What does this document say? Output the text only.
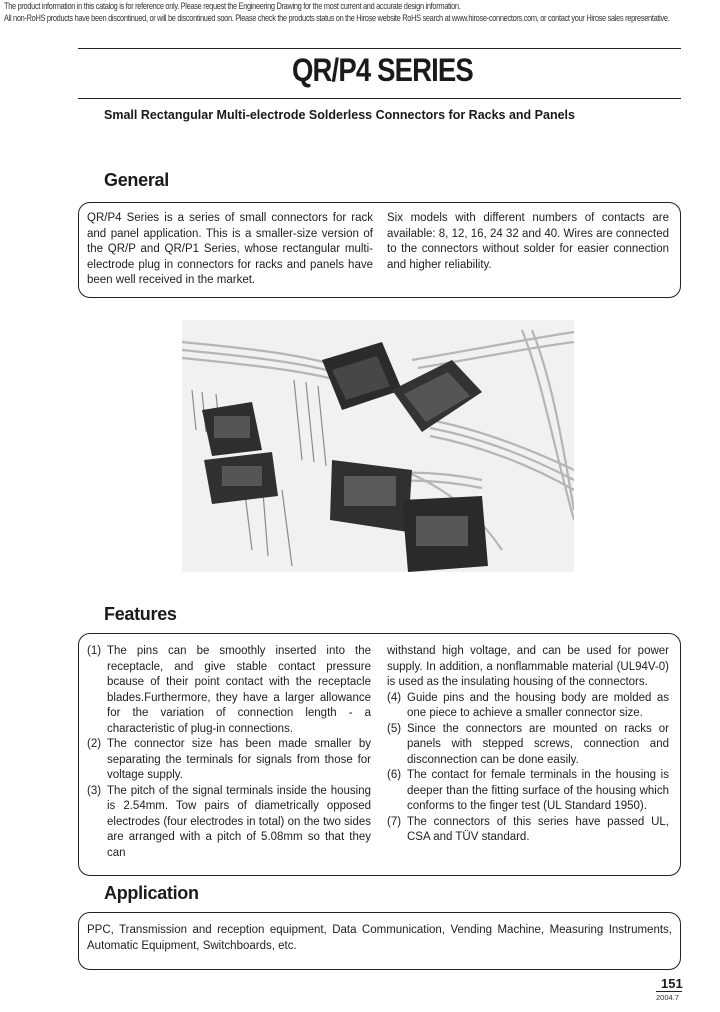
The product information in this catalog is for reference only. Please request the Engineering Drawing for the most current and accurate design information.
All non-RoHS products have been discontinued, or will be discontinued soon. Please check the products status on the Hirose website RoHS search at www.hirose-connectors.com, or contact your Hirose sales representative.
QR/P4 SERIES
Small Rectangular Multi-electrode Solderless Connectors for Racks and Panels
General
QR/P4 Series is a series of small connectors for rack and panel application. This is a smaller-size version of the QR/P and QR/P1 Series, whose rectangular multi-electrode plug in connectors for racks and panels have been well received in the market.
Six models with different numbers of contacts are available: 8, 12, 16, 24 32 and 40. Wires are connected to the connectors without solder for easier connection and higher reliability.
Features
(1) The pins can be smoothly inserted into the receptacle, and give stable contact pressure bcause of their point contact with the receptacle blades.Furthermore, they have a larger allowance for the variation of connection length - a characteristic of plug-in connections.
(2) The connector size has been made smaller by separating the terminals for signals from those for voltage supply.
(3) The pitch of the signal terminals inside the housing is 2.54mm. Tow pairs of diametrically opposed electrodes (four electrodes in total) on the two sides are arranged with a pitch of 5.08mm so that they can
withstand high voltage, and can be used for power supply. In addition, a nonflammable material (UL94V-0) is used as the insulating housing of the connectors.
(4) Guide pins and the housing body are molded as one piece to achieve a smaller connector size.
(5) Since the connectors are mounted on racks or panels with stepped screws, connection and disconnection can be done easily.
(6) The contact for female terminals in the housing is deeper than the fitting surface of the housing which conforms to the finger test (UL Standard 1950).
(7) The connectors of this series have passed UL, CSA and TÜV standard.
Application
PPC, Transmission and reception equipment, Data Communication, Vending Machine, Measuring Instruments, Automatic Equipment, Switchboards, etc.
151
2004.7
